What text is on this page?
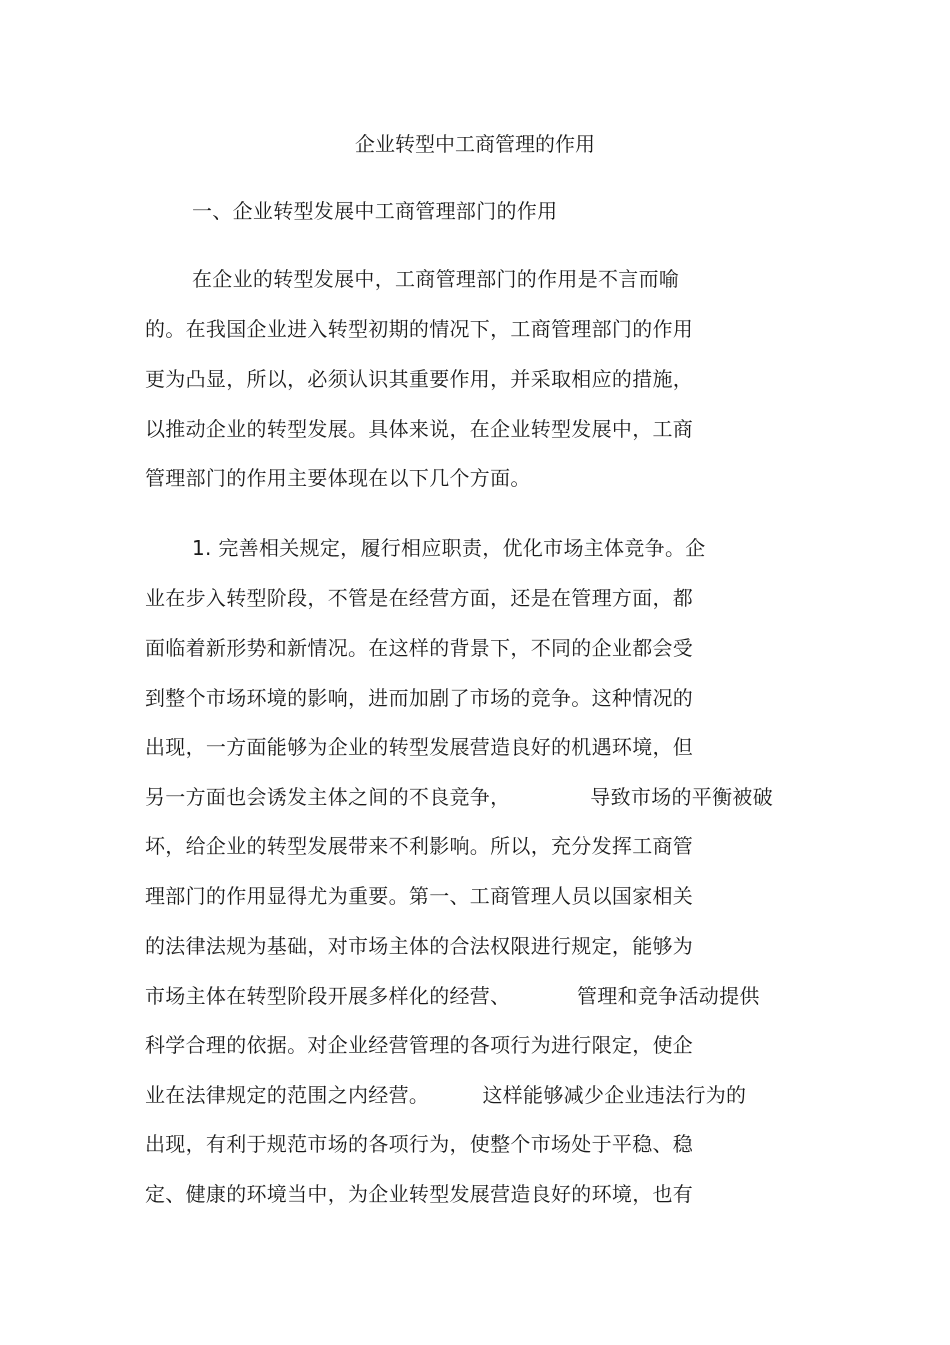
企业转型中工商管理的作用
一、企业转型发展中工商管理部门的作用
在企业的转型发展中，工商管理部门的作用是不言而喻
的。在我国企业进入转型初期的情况下，工商管理部门的作用
更为凸显，所以，必须认识其重要作用，并采取相应的措施，
以推动企业的转型发展。具体来说，在企业转型发展中，工商
管理部门的作用主要体现在以下几个方面。
1. 完善相关规定，履行相应职责，优化市场主体竞争。企
业在步入转型阶段，不管是在经营方面，还是在管理方面，都
面临着新形势和新情况。在这样的背景下，不同的企业都会受
到整个市场环境的影响，进而加剧了市场的竞争。这种情况的
出现，一方面能够为企业的转型发展营造良好的机遇环境，但
另一方面也会诱发主体之间的不良竞争，            导致市场的平衡被破
坏，给企业的转型发展带来不利影响。所以，充分发挥工商管
理部门的作用显得尤为重要。第一、工商管理人员以国家相关
的法律法规为基础，对市场主体的合法权限进行规定，能够为
市场主体在转型阶段开展多样化的经营、          管理和竞争活动提供
科学合理的依据。对企业经营管理的各项行为进行限定，使企
业在法律规定的范围之内经营。        这样能够减少企业违法行为的
出现，有利于规范市场的各项行为，使整个市场处于平稳、稳
定、健康的环境当中，为企业转型发展营造良好的环境，也有
